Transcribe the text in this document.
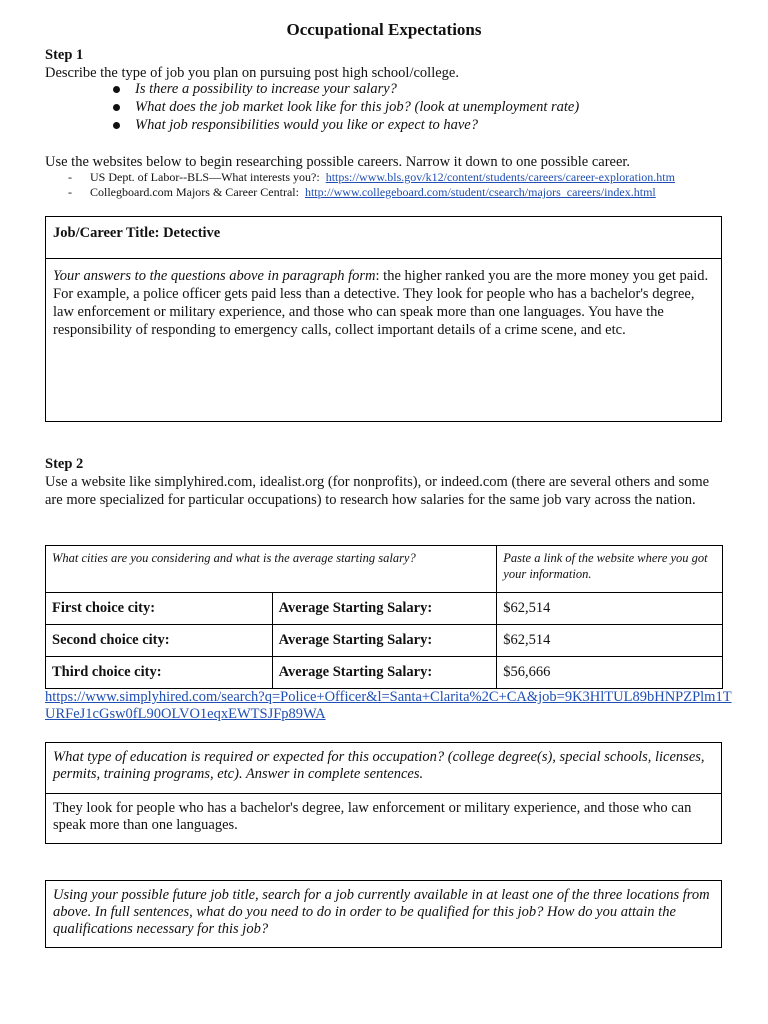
Occupational Expectations
Step 1
Describe the type of job you plan on pursuing post high school/college.
Is there a possibility to increase your salary?
What does the job market look like for this job? (look at unemployment rate)
What job responsibilities would you like or expect to have?
Use the websites below to begin researching possible careers. Narrow it down to one possible career.
- US Dept. of Labor--BLS—What interests you?: https://www.bls.gov/k12/content/students/careers/career-exploration.htm
- Collegboard.com Majors & Career Central: http://www.collegeboard.com/student/csearch/majors_careers/index.html
Job/Career Title: Detective
Your answers to the questions above in paragraph form: the higher ranked you are the more money you get paid. For example, a police officer gets paid less than a detective. They look for people who has a bachelor's degree, law enforcement or military experience, and those who can speak more than one languages. You have the responsibility of responding to emergency calls, collect important details of a crime scene, and etc.
Step 2
Use a website like simplyhired.com, idealist.org (for nonprofits), or indeed.com (there are several others and some are more specialized for particular occupations) to research how salaries for the same job vary across the nation.
What cities are you considering and what is the average starting salary?		Paste a link of the website where you got your information.
First choice city:	Average Starting Salary:	$62,514
Second choice city:	Average Starting Salary:	$62,514
Third choice city:	Average Starting Salary:	$56,666
https://www.simplyhired.com/search?q=Police+Officer&l=Santa+Clarita%2C+CA&job=9K3HlTUL89bHNPZPlm1TURFeJ1cGsw0fL90OLVO1eqxEWTSJFp89WA
What type of education is required or expected for this occupation? (college degree(s), special schools, licenses, permits, training programs, etc). Answer in complete sentences.
They look for people who has a bachelor's degree, law enforcement or military experience, and those who can speak more than one languages.
Using your possible future job title, search for a job currently available in at least one of the three locations from above. In full sentences, what do you need to do in order to be qualified for this job? How do you attain the qualifications necessary for this job?
